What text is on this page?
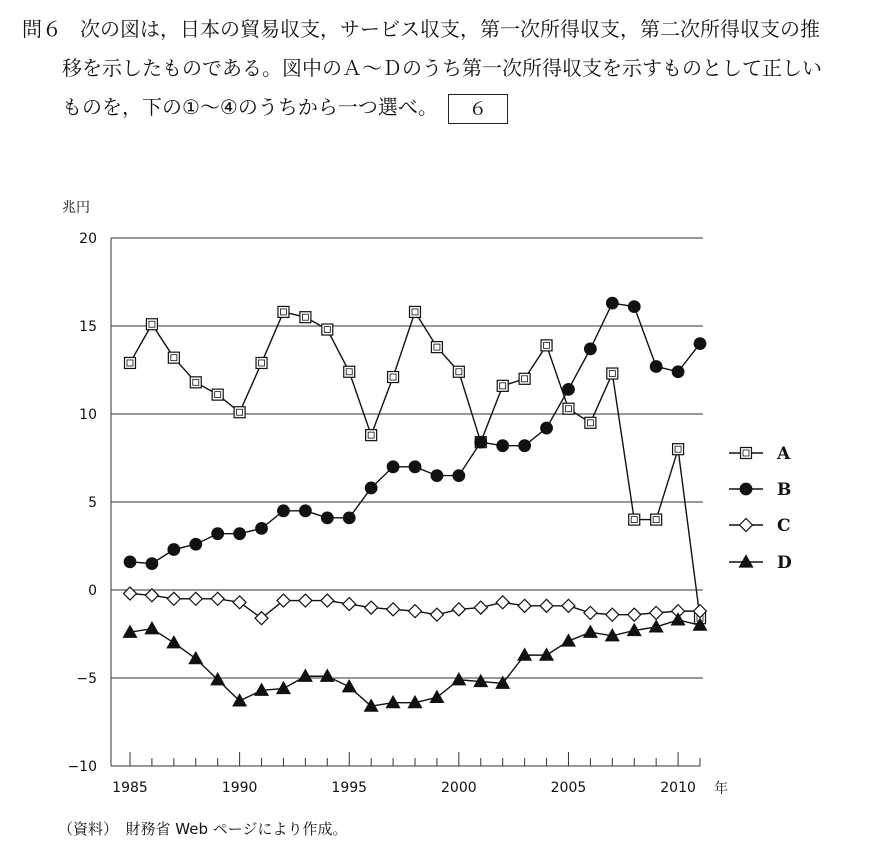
問６ 次の図は，日本の貿易収支，サービス収支，第一次所得収支，第二次所得収支の推
移を示したものである。図中のＡ～Ｄのうち第一次所得収支を示すものとして正しい
ものを，下の①～④のうちから一つ選べ。 ６
20
15
10
5
0
−5
−10
1985	1990	1995	2000	2005	2010
兆円
年
A
B
C
D
（資料）　財務省 Web ページにより作成。
